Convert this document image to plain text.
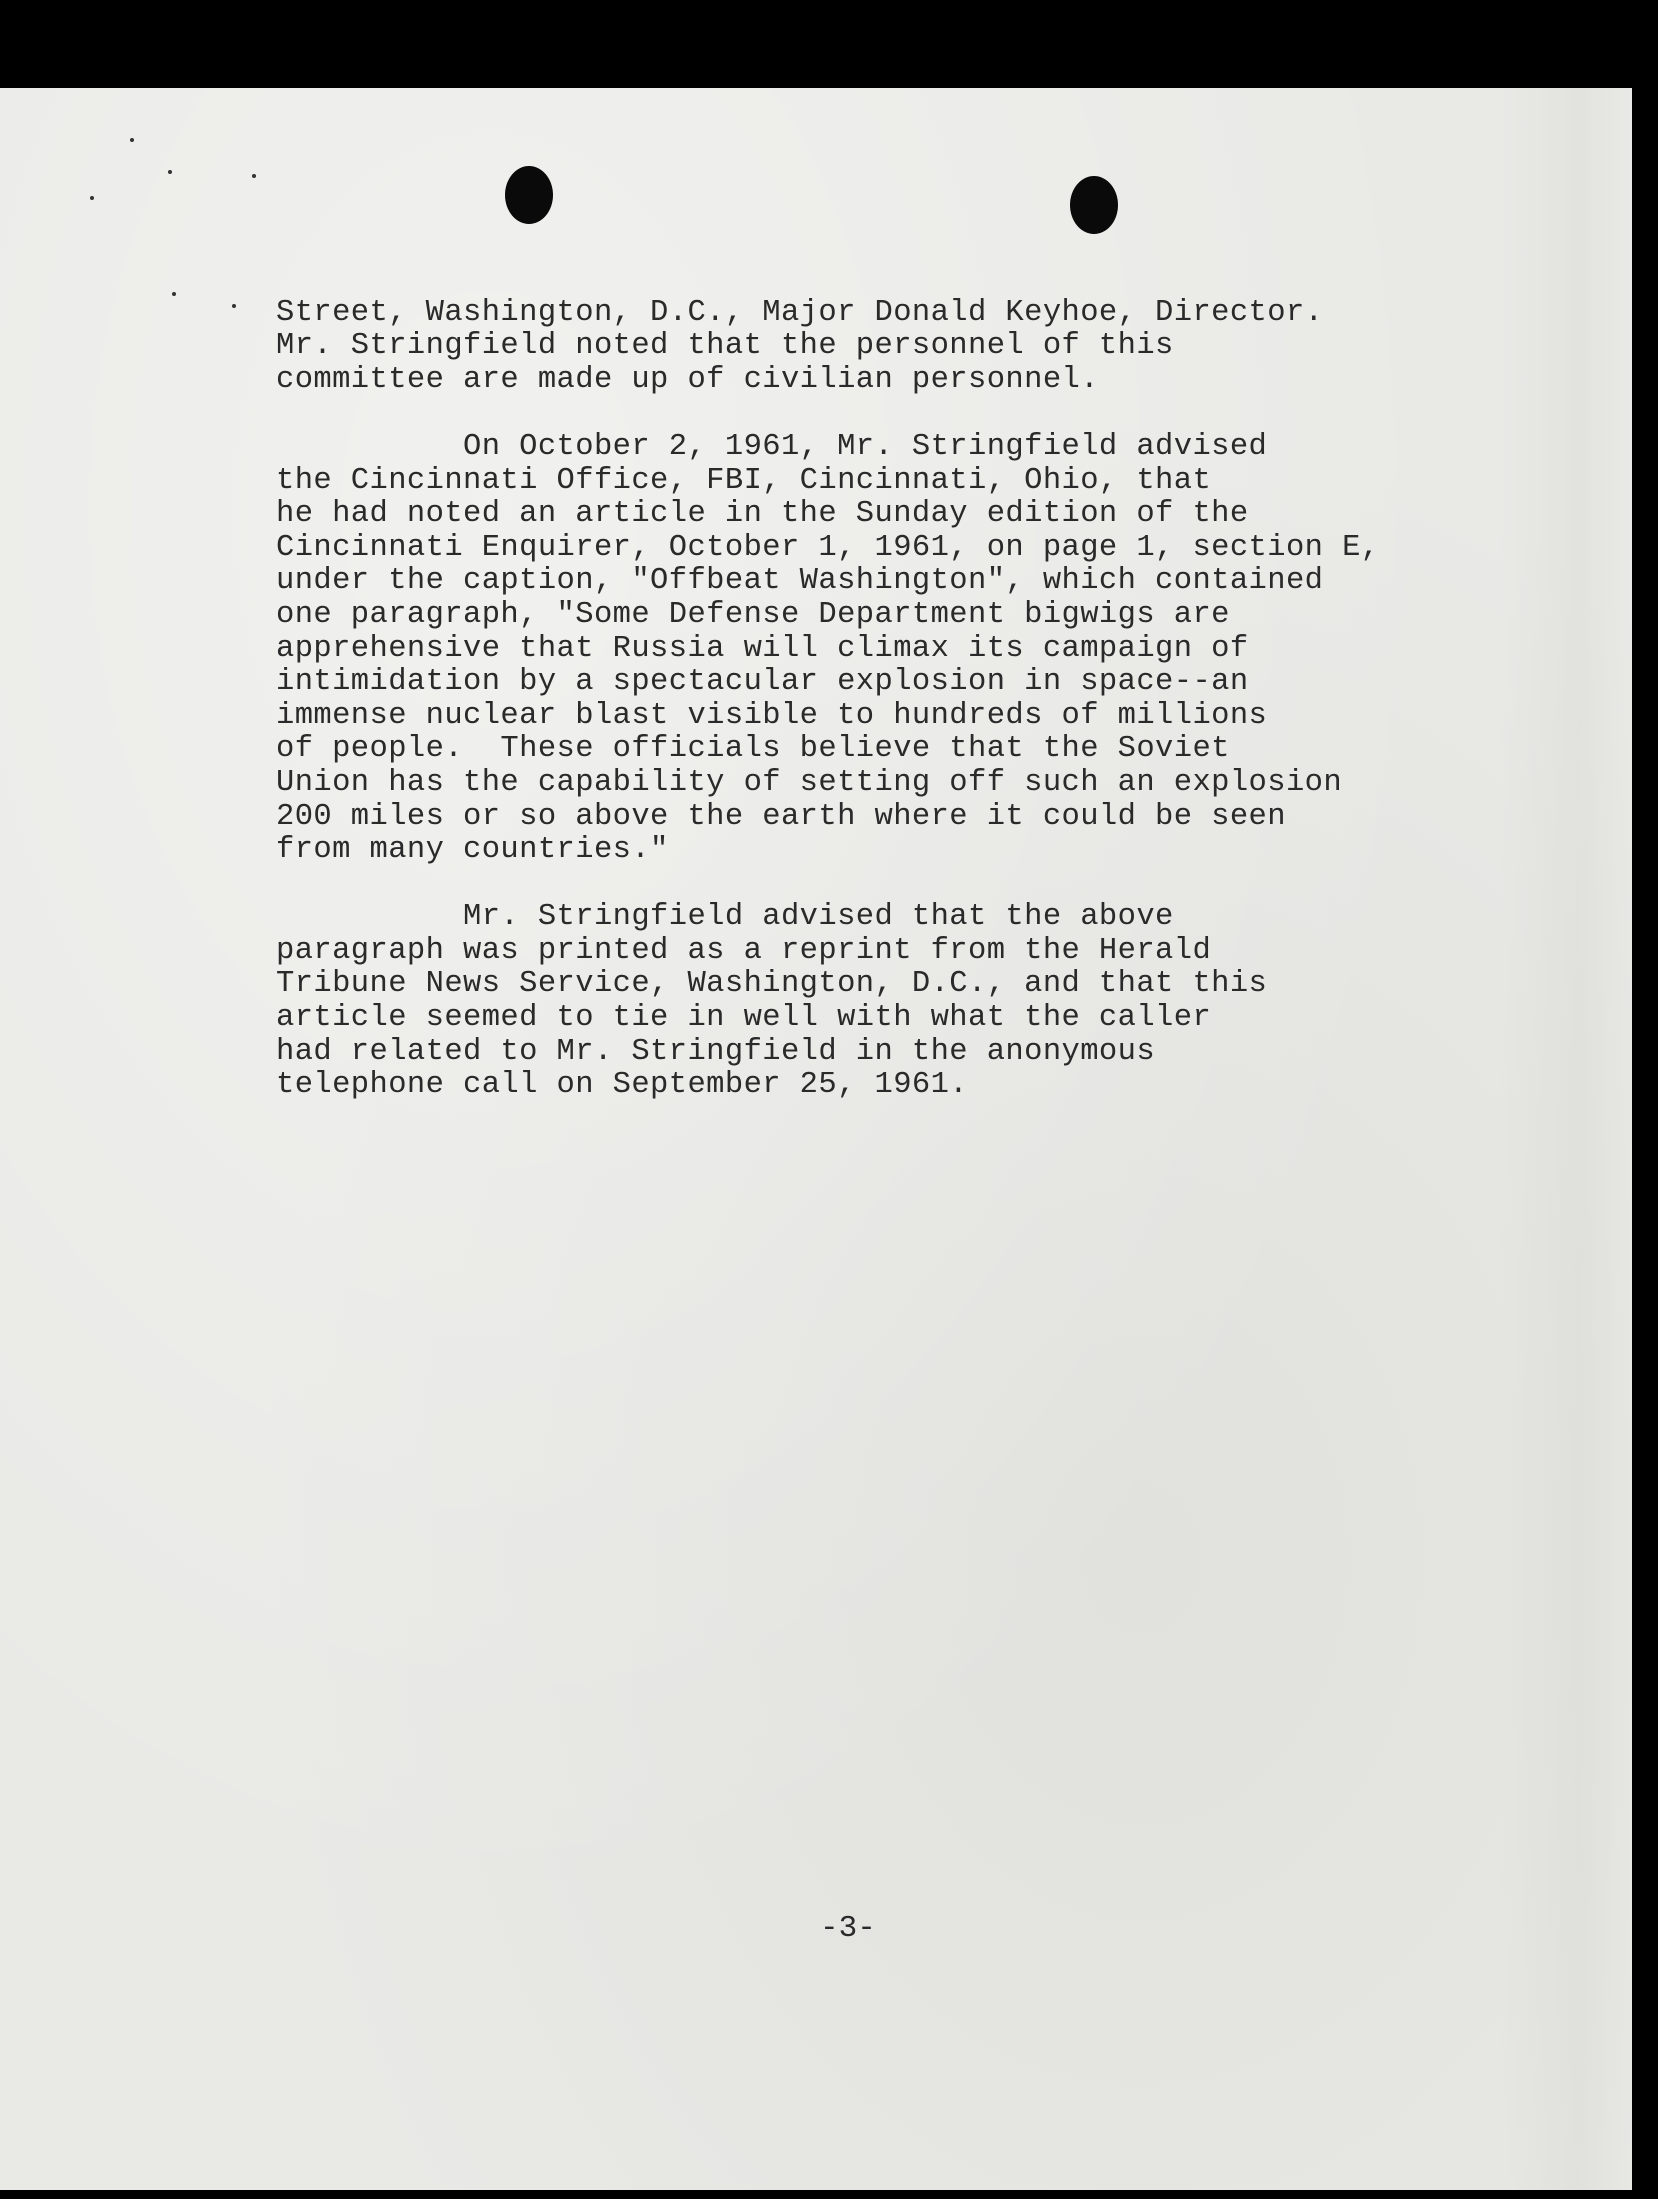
Street, Washington, D.C., Major Donald Keyhoe, Director.
Mr. Stringfield noted that the personnel of this
committee are made up of civilian personnel.
On October 2, 1961, Mr. Stringfield advised
the Cincinnati Office, FBI, Cincinnati, Ohio, that
he had noted an article in the Sunday edition of the
Cincinnati Enquirer, October 1, 1961, on page 1, section E,
under the caption, "Offbeat Washington", which contained
one paragraph, "Some Defense Department bigwigs are
apprehensive that Russia will climax its campaign of
intimidation by a spectacular explosion in space--an
immense nuclear blast visible to hundreds of millions
of people.  These officials believe that the Soviet
Union has the capability of setting off such an explosion
200 miles or so above the earth where it could be seen
from many countries."
Mr. Stringfield advised that the above
paragraph was printed as a reprint from the Herald
Tribune News Service, Washington, D.C., and that this
article seemed to tie in well with what the caller
had related to Mr. Stringfield in the anonymous
telephone call on September 25, 1961.

-3-
